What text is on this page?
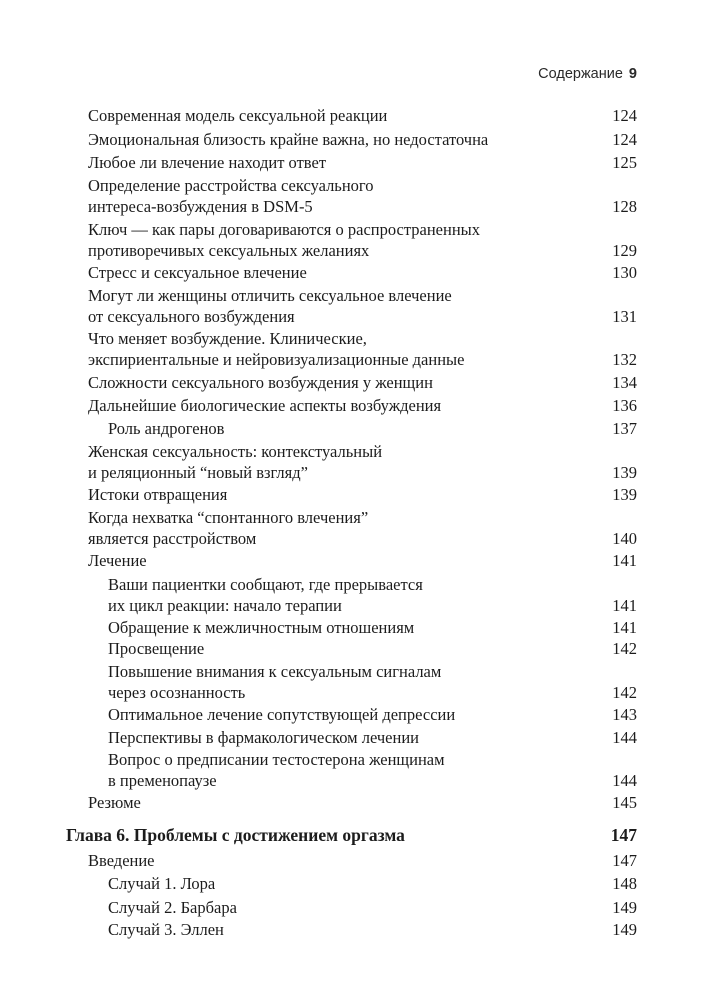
Содержание 9
Современная модель сексуальной реакции	124
Эмоциональная близость крайне важна, но недостаточна	124
Любое ли влечение находит ответ	125
Определение расстройства сексуального
интереса-возбуждения в DSM-5	128
Ключ — как пары договариваются о распространенных
противоречивых сексуальных желаниях	129
Стресс и сексуальное влечение	130
Могут ли женщины отличить сексуальное влечение
от сексуального возбуждения	131
Что меняет возбуждение. Клинические,
экспириентальные и нейровизуализационные данные	132
Сложности сексуального возбуждения у женщин	134
Дальнейшие биологические аспекты возбуждения	136
Роль андрогенов	137
Женская сексуальность: контекстуальный
и реляционный “новый взгляд”	139
Истоки отвращения	139
Когда нехватка “спонтанного влечения”
является расстройством	140
Лечение	141
Ваши пациентки сообщают, где прерывается
их цикл реакции: начало терапии	141
Обращение к межличностным отношениям	141
Просвещение	142
Повышение внимания к сексуальным сигналам
через осознанность	142
Оптимальное лечение сопутствующей депрессии	143
Перспективы в фармакологическом лечении	144
Вопрос о предписании тестостерона женщинам
в пременопаузе	144
Резюме	145
Глава 6. Проблемы с достижением оргазма	147
Введение	147
Случай 1. Лора	148
Случай 2. Барбара	149
Случай 3. Эллен	149
